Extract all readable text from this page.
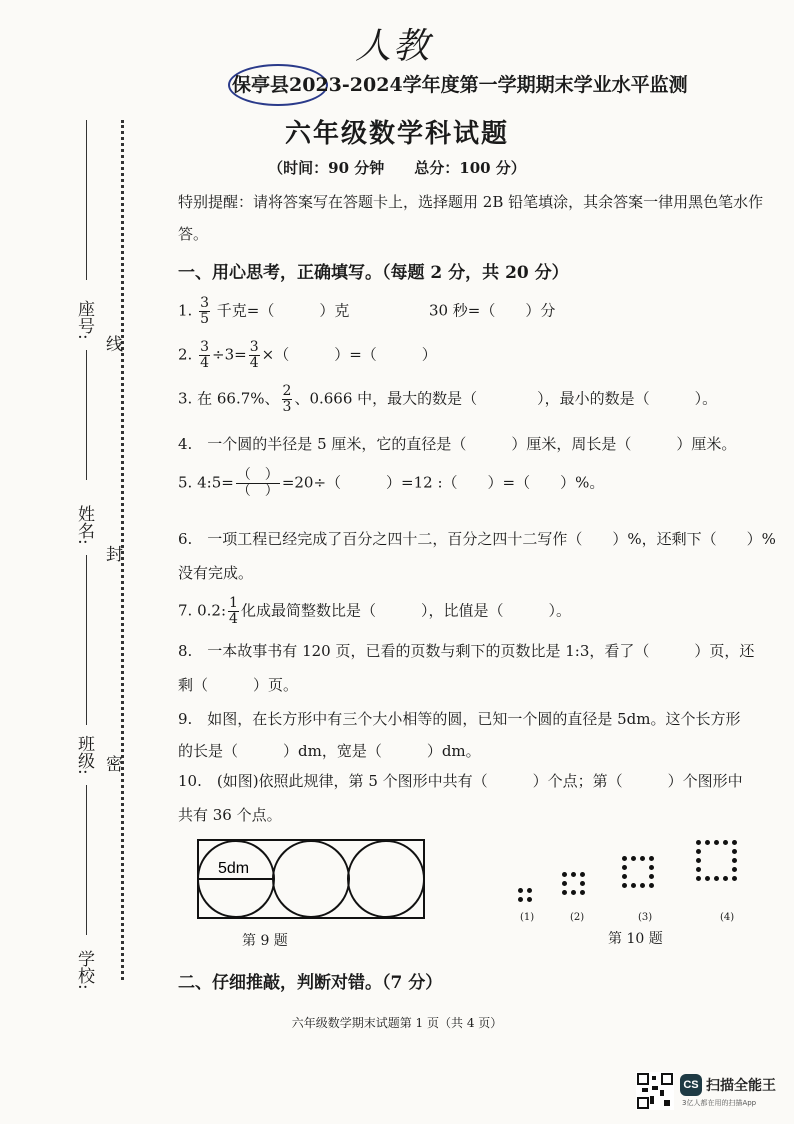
人教
保亭县2023-2024学年度第一学期期末学业水平监测
六年级数学科试题
（时间：90 分钟　　总分：100 分）
特别提醒：请将答案写在答题卡上，选择题用 2B 铅笔填涂，其余答案一律用黑色笔水作答。
一、用心思考，正确填写。（每题 2 分，共 20 分）
1. $\frac{3}{5}$ 千克=（　　　）克	30 秒=（　　）分
2. $\frac{3}{4} \div 3= \frac{3}{4}$ ×（　　　）=（　　　）
3. 在 66.7%、 $\frac{2}{3}$ 、0.666 中，最大的数是（　　　　），最小的数是（　　　）。
4.　一个圆的半径是 5 厘米，它的直径是（　　　）厘米，周长是（　　　）厘米。
5. 4:5= $\frac{( )}{( )} =20\div$（　　　）=12 :（　　）=（　　）%。
6.　一项工程已经完成了百分之四十二，百分之四十二写作（　　）%，还剩下（　　）%
没有完成。
7. 0.2: $\frac{1}{4}$ 化成最简整数比是（　　　），比值是（　　　）。
8.　一本故事书有 120 页，已看的页数与剩下的页数比是 1:3，看了（　　　）页，还
剩（　　　）页。
9.　如图，在长方形中有三个大小相等的圆，已知一个圆的直径是 5dm。这个长方形
的长是（　　　）dm，宽是（　　　）dm。
10.　(如图)依照此规律，第 5 个图形中共有（　　　）个点；第（　　　）个图形中
共有 36 个点。
5dm
第 9 题
(1)	(2)	(3)	(4)
第 10 题
二、仔细推敲，判断对错。（7 分）
座号:
姓名:
班级:
学校:
线
封
密
六年级数学期末试题第 1 页（共 4 页）
CS 扫描全能王
3亿人都在用的扫描App
